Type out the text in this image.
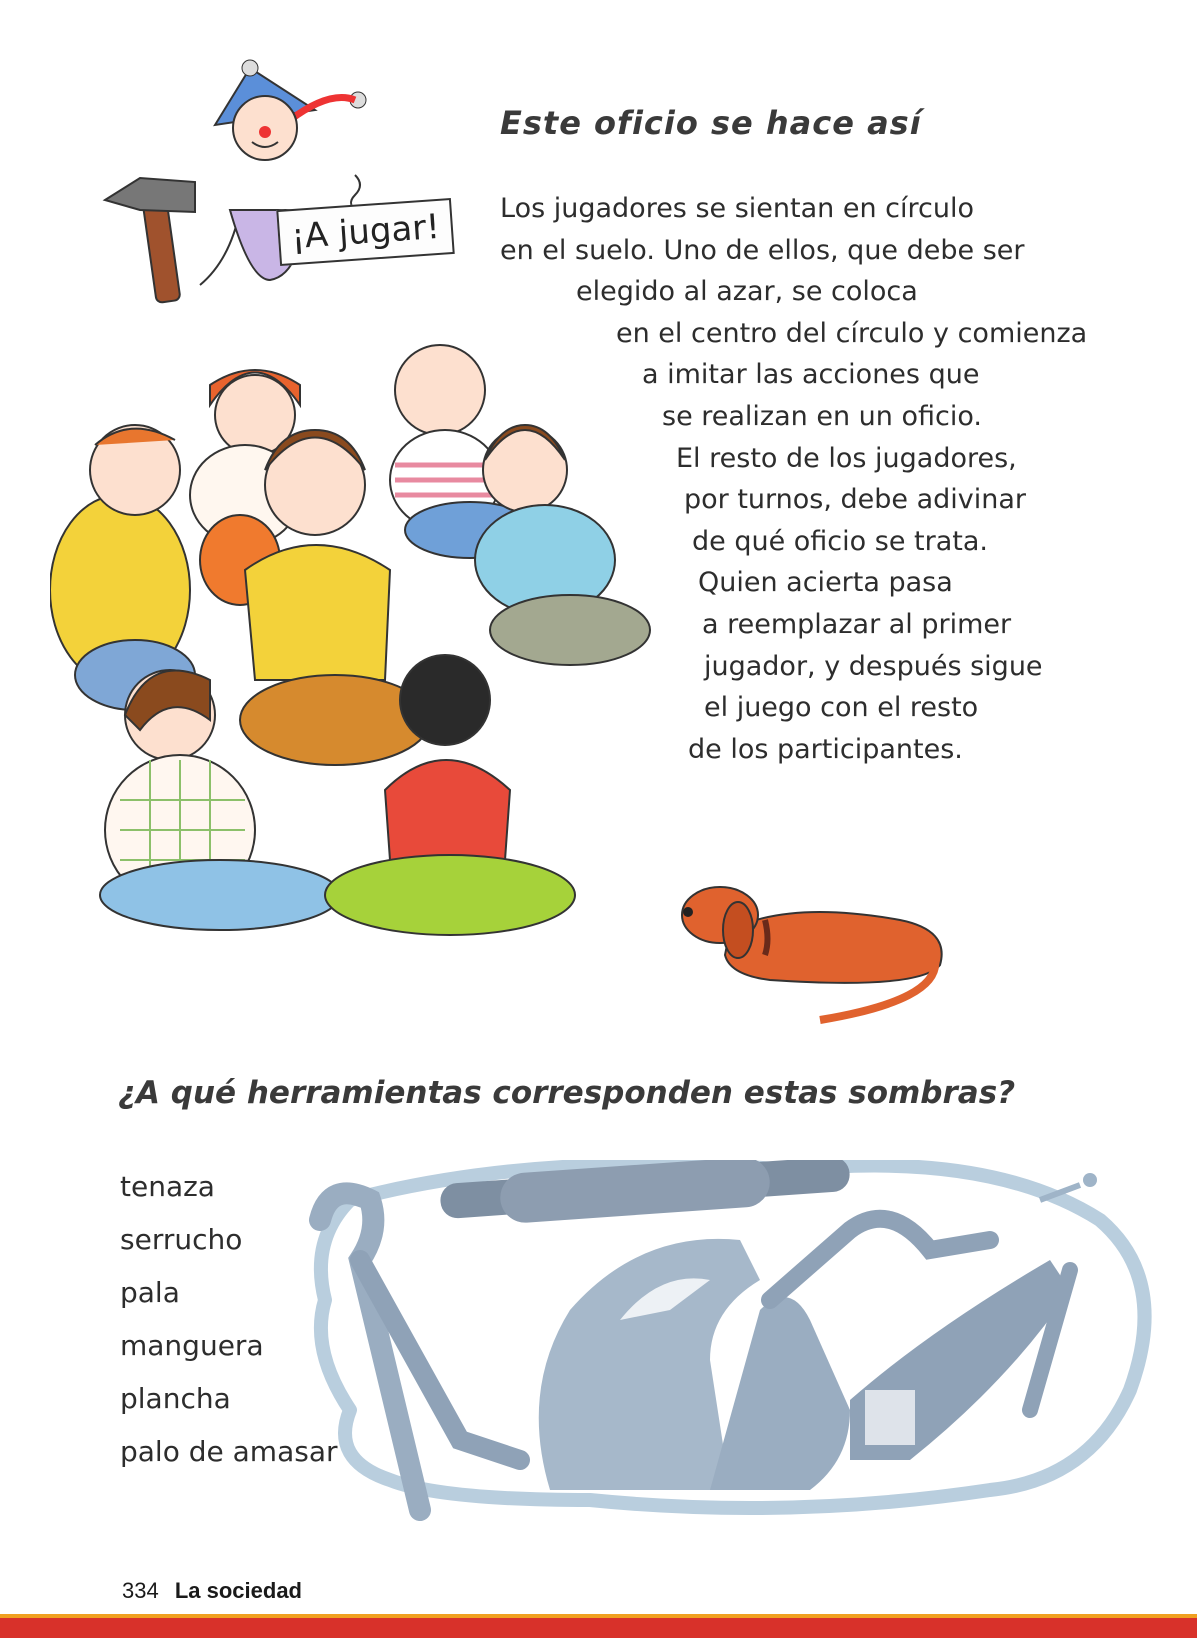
¡A jugar!
Este oficio se hace así
Los jugadores se sientan en círculo
en el suelo. Uno de ellos, que debe ser
elegido al azar, se coloca
en el centro del círculo y comienza
a imitar las acciones que
se realizan en un oficio.
El resto de los jugadores,
por turnos, debe adivinar
de qué oficio se trata.
Quien acierta pasa
a reemplazar al primer
jugador, y después sigue
el juego con el resto
de los participantes.
¿A qué herramientas corresponden estas sombras?
tenaza
serrucho
pala
manguera
plancha
palo de amasar
334 La sociedad
